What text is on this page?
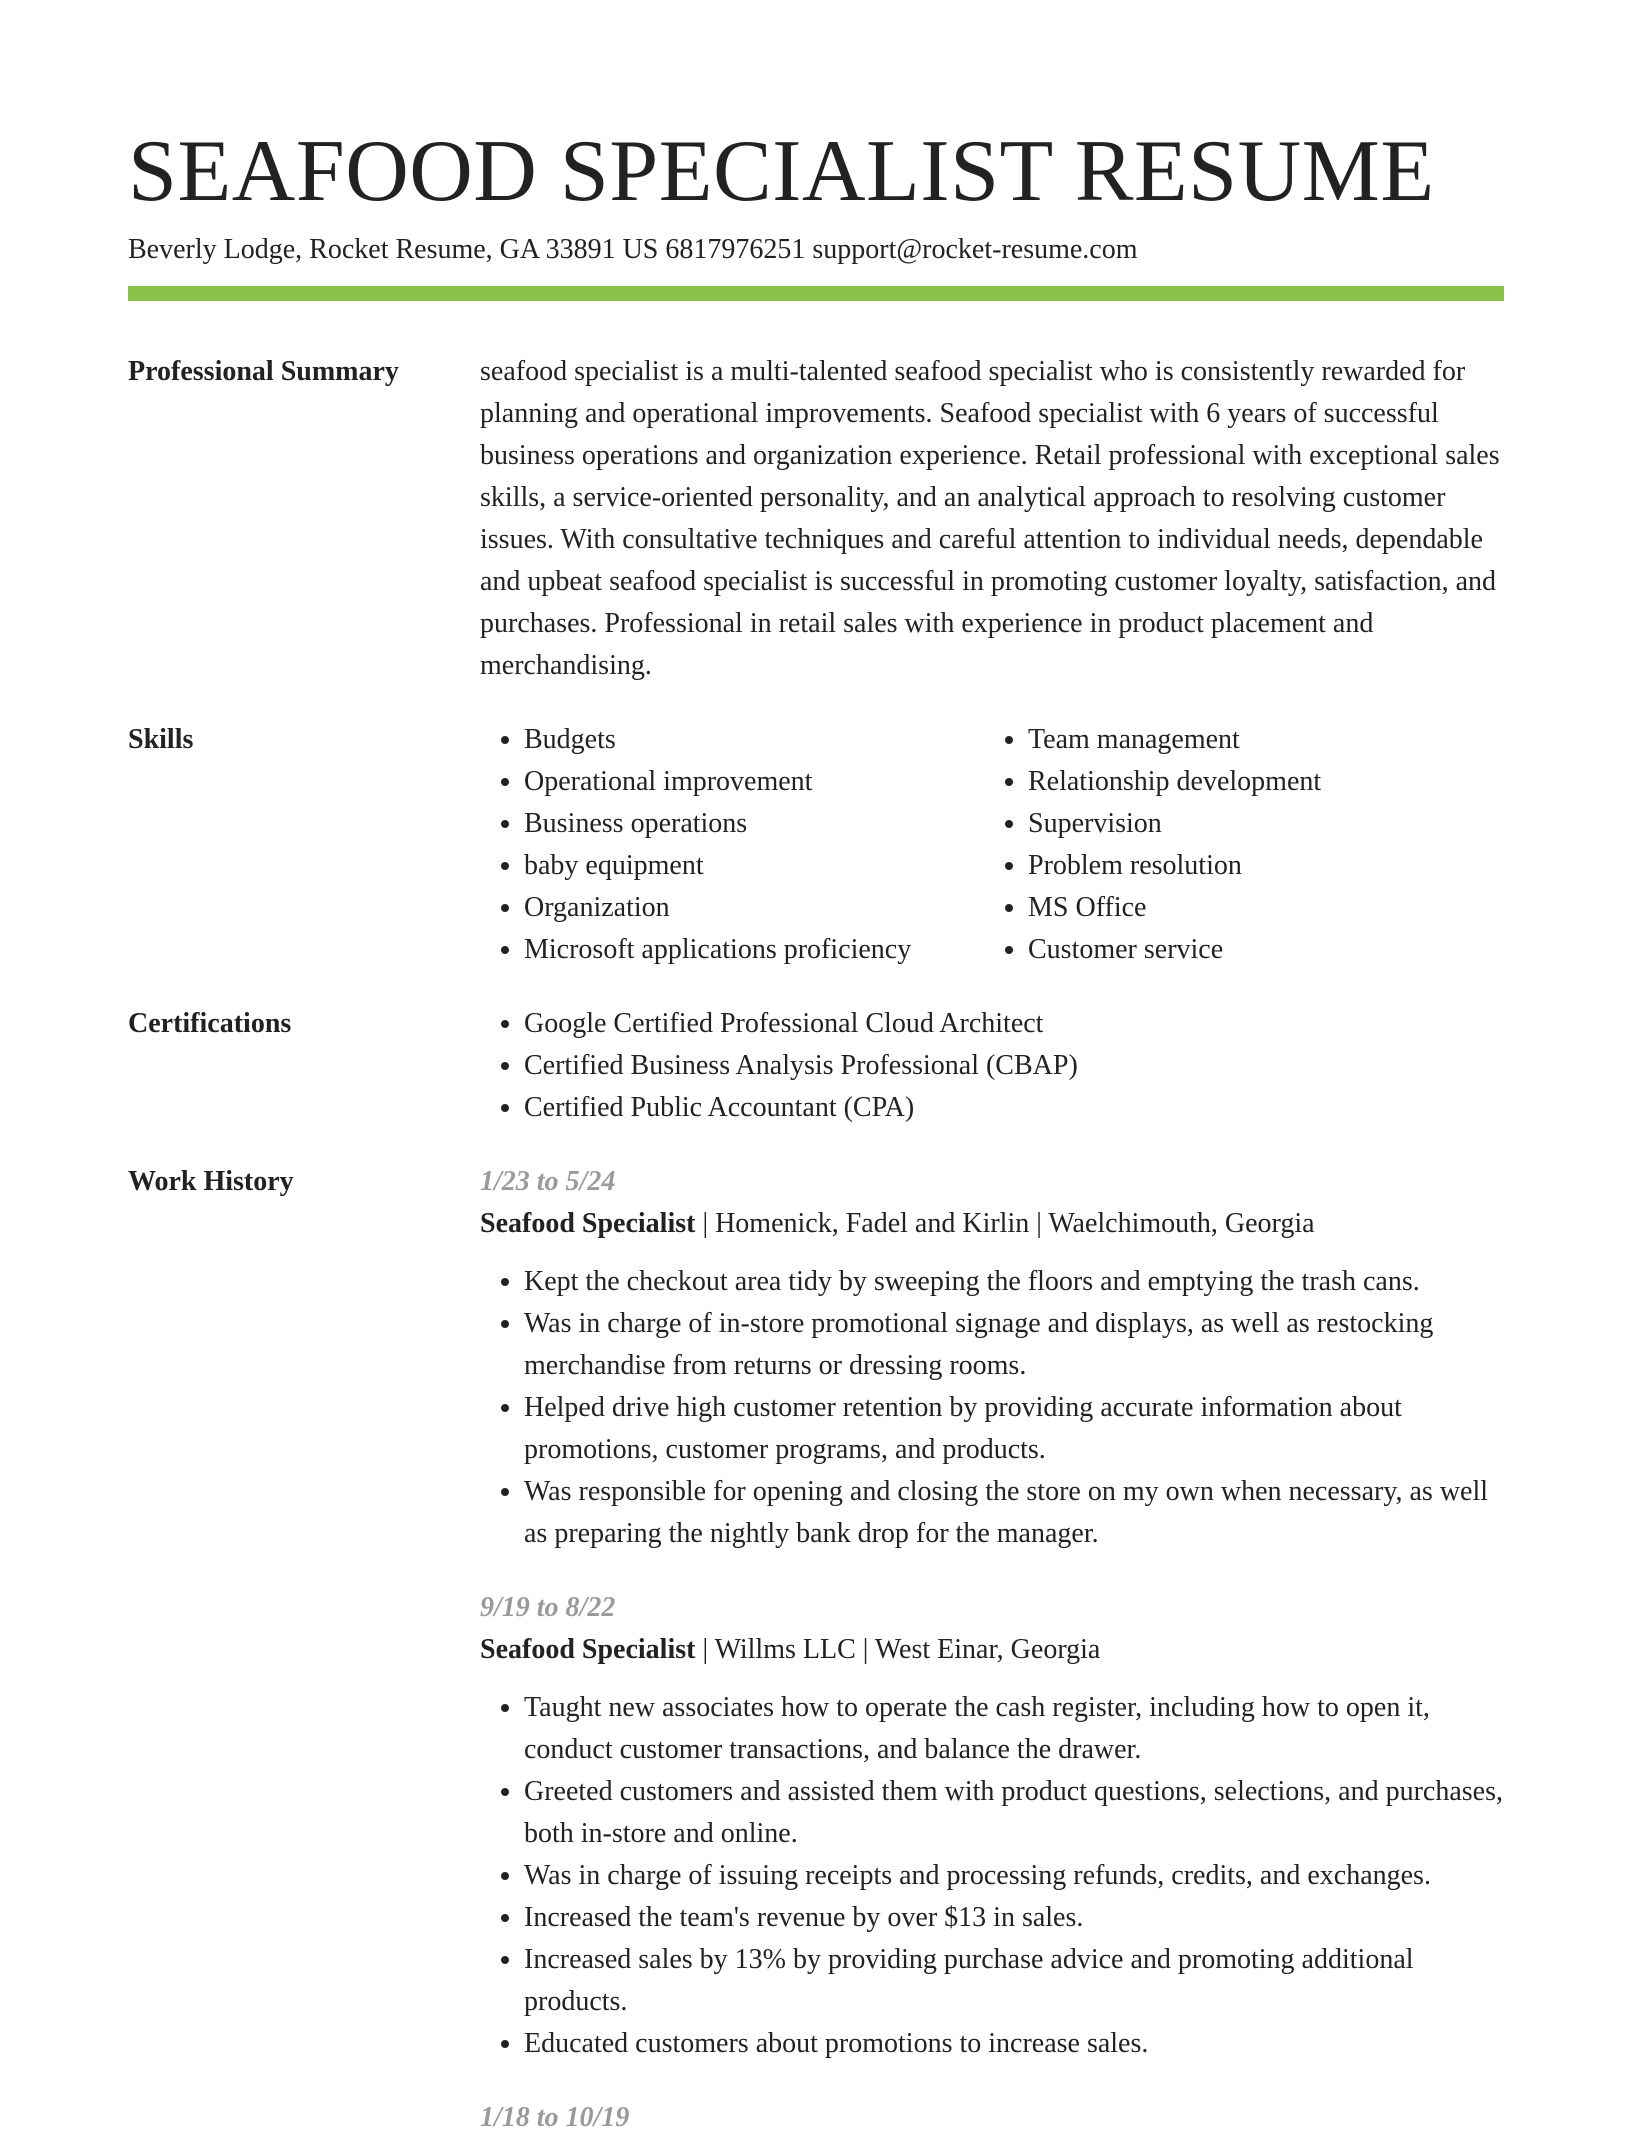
SEAFOOD SPECIALIST RESUME
Beverly Lodge, Rocket Resume, GA 33891 US 6817976251 support@rocket-resume.com
Professional Summary	seafood specialist is a multi-talented seafood specialist who is consistently rewarded for planning and operational improvements. Seafood specialist with 6 years of successful business operations and organization experience. Retail professional with exceptional sales skills, a service-oriented personality, and an analytical approach to resolving customer issues. With consultative techniques and careful attention to individual needs, dependable and upbeat seafood specialist is successful in promoting customer loyalty, satisfaction, and purchases. Professional in retail sales with experience in product placement and merchandising.

Skills	• Budgets
• Operational improvement
• Business operations
• baby equipment
• Organization
• Microsoft applications proficiency
• Team management
• Relationship development
• Supervision
• Problem resolution
• MS Office
• Customer service
Certifications	• Google Certified Professional Cloud Architect
• Certified Business Analysis Professional (CBAP)
• Certified Public Accountant (CPA)
Work History	1/23 to 5/24
Seafood Specialist | Homenick, Fadel and Kirlin | Waelchimouth, Georgia
• Kept the checkout area tidy by sweeping the floors and emptying the trash cans.
• Was in charge of in-store promotional signage and displays, as well as restocking merchandise from returns or dressing rooms.
• Helped drive high customer retention by providing accurate information about promotions, customer programs, and products.
• Was responsible for opening and closing the store on my own when necessary, as well as preparing the nightly bank drop for the manager.
9/19 to 8/22
Seafood Specialist | Willms LLC | West Einar, Georgia
• Taught new associates how to operate the cash register, including how to open it, conduct customer transactions, and balance the drawer.
• Greeted customers and assisted them with product questions, selections, and purchases, both in-store and online.
• Was in charge of issuing receipts and processing refunds, credits, and exchanges.
• Increased the team's revenue by over $13 in sales.
• Increased sales by 13% by providing purchase advice and promoting additional products.
• Educated customers about promotions to increase sales.
1/18 to 10/19
